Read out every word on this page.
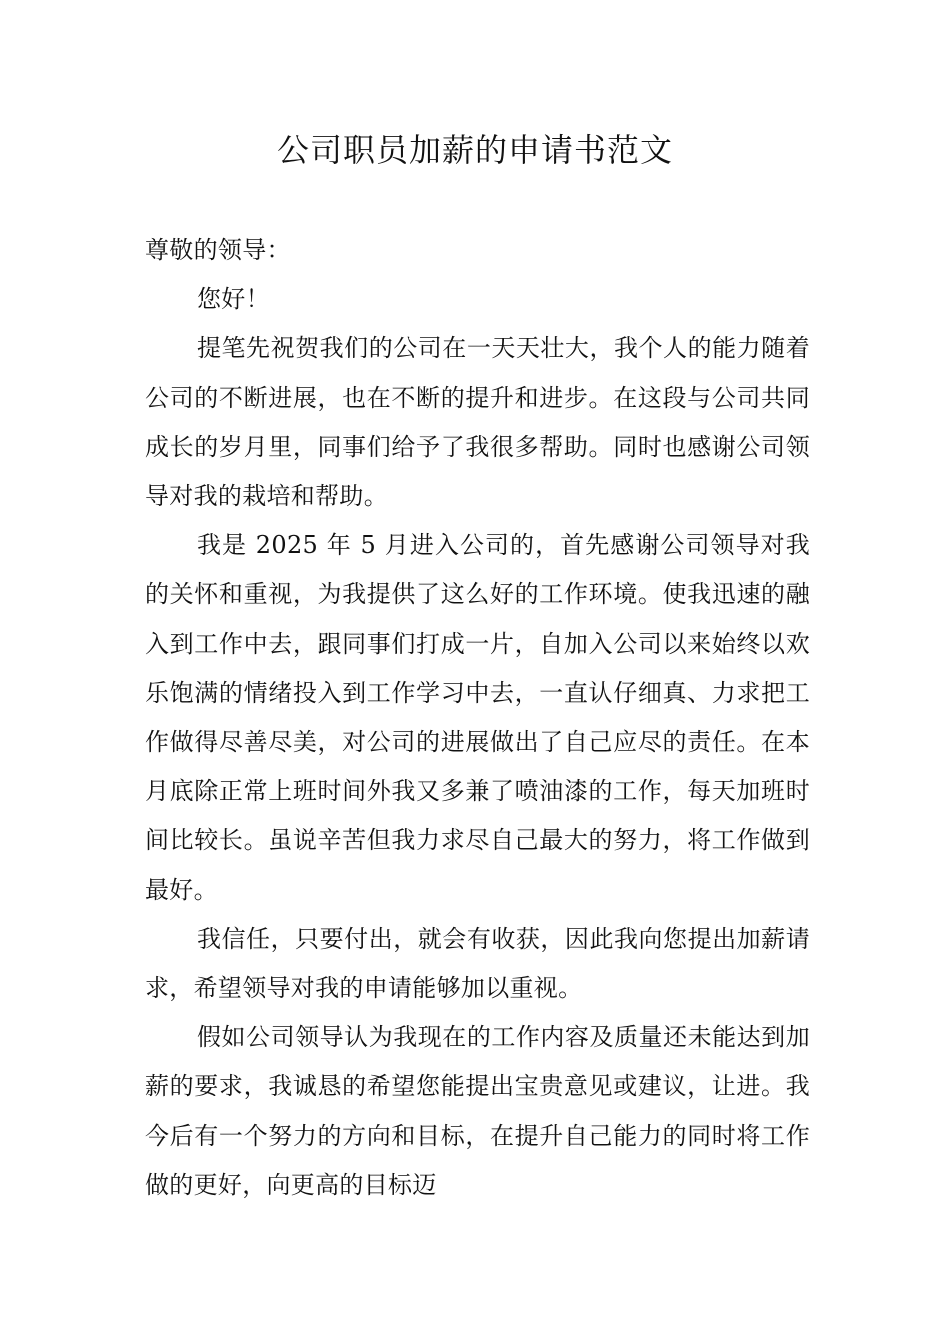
公司职员加薪的申请书范文

尊敬的领导：

您好！

提笔先祝贺我们的公司在一天天壮大，我个人的能力随着公司的不断进展，也在不断的提升和进步。在这段与公司共同成长的岁月里，同事们给予了我很多帮助。同时也感谢公司领导对我的栽培和帮助。

我是 2025 年 5 月进入公司的，首先感谢公司领导对我的关怀和重视，为我提供了这么好的工作环境。使我迅速的融入到工作中去，跟同事们打成一片，自加入公司以来始终以欢乐饱满的情绪投入到工作学习中去，一直认仔细真、力求把工作做得尽善尽美，对公司的进展做出了自己应尽的责任。在本月底除正常上班时间外我又多兼了喷油漆的工作，每天加班时间比较长。虽说辛苦但我力求尽自己最大的努力，将工作做到最好。

我信任，只要付出，就会有收获，因此我向您提出加薪请求，希望领导对我的申请能够加以重视。

假如公司领导认为我现在的工作内容及质量还未能达到加薪的要求，我诚恳的希望您能提出宝贵意见或建议，让进。我今后有一个努力的方向和目标，在提升自己能力的同时将工作做的更好，向更高的目标迈
